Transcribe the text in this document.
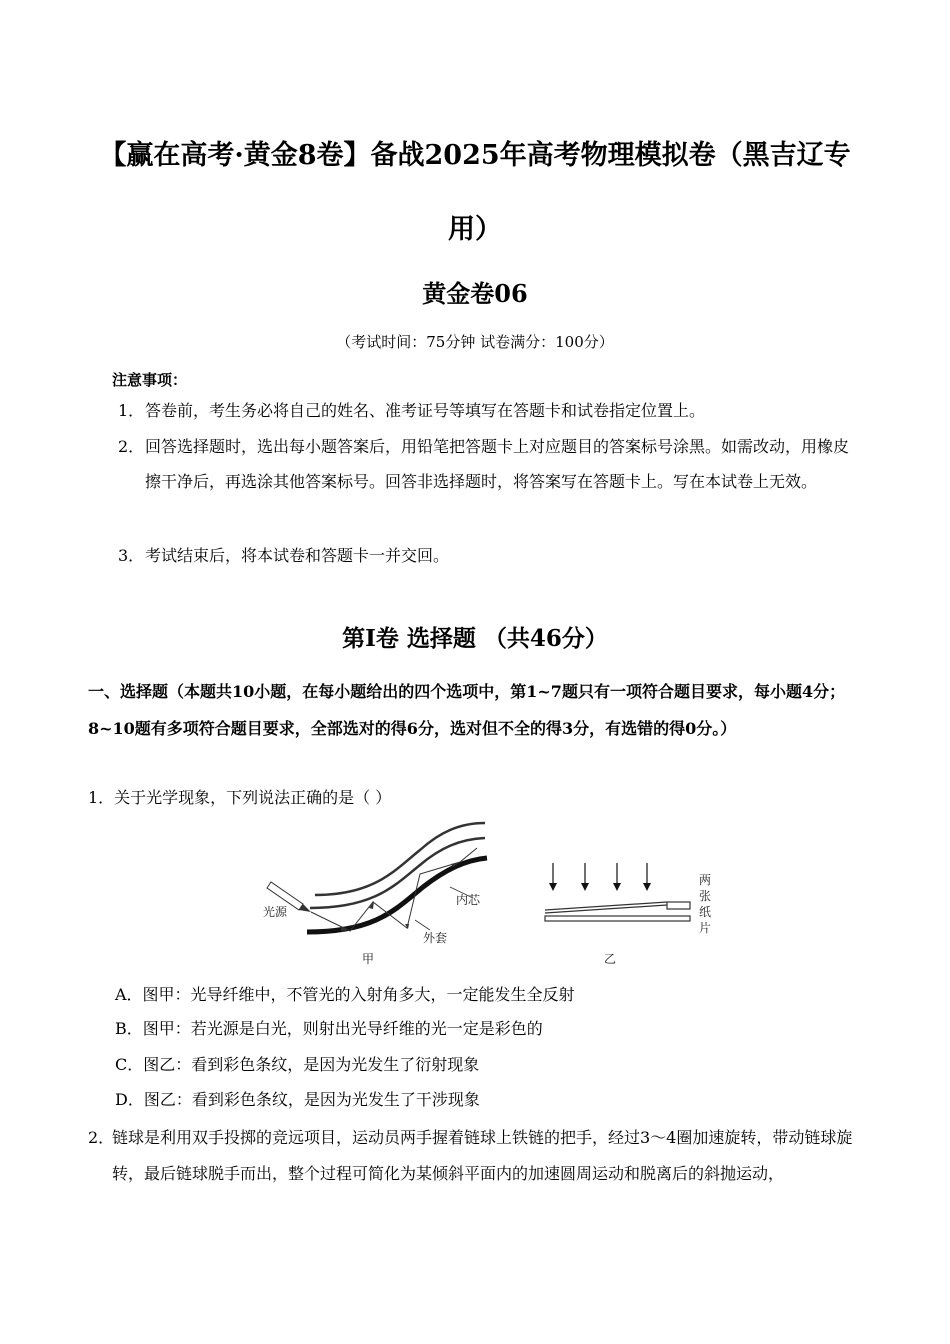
【赢在高考·黄金8卷】备战2025年高考物理模拟卷（黑吉辽专
用）
黄金卷06
（考试时间：75分钟 试卷满分：100分）
注意事项：
1．答卷前，考生务必将自己的姓名、准考证号等填写在答题卡和试卷指定位置上。
2． 回答选择题时，选出每小题答案后，用铅笔把答题卡上对应题目的答案标号涂黑。如需改动，用橡皮擦干净后，再选涂其他答案标号。回答非选择题时，将答案写在答题卡上。写在本试卷上无效。
3．考试结束后，将本试卷和答题卡一并交回。
第Ⅰ卷 选择题 （共46分）
一、选择题（本题共10小题，在每小题给出的四个选项中，第1~7题只有一项符合题目要求，每小题4分；8~10题有多项符合题目要求，全部选对的得6分，选对但不全的得3分，有选错的得0分。）
1．关于光学现象，下列说法正确的是（ ）
光源
内芯
外套
甲
两
张
纸
片
乙
A．图甲：光导纤维中，不管光的入射角多大，一定能发生全反射
B．图甲：若光源是白光，则射出光导纤维的光一定是彩色的
C．图乙：看到彩色条纹，是因为光发生了衍射现象
D．图乙：看到彩色条纹，是因为光发生了干涉现象
2．
链球是利用双手投掷的竞远项目，运动员两手握着链球上铁链的把手，经过3～4圈加速旋转，带动链球旋转，最后链球脱手而出，整个过程可简化为某倾斜平面内的加速圆周运动和脱离后的斜抛运动，
